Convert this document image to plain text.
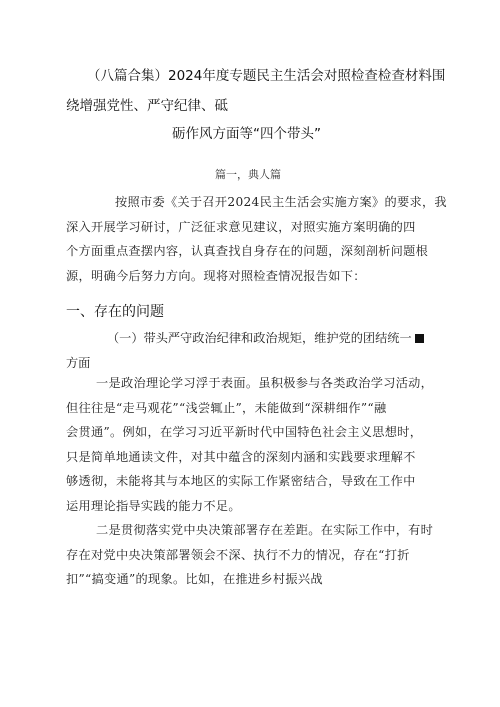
（八篇合集）2024年度专题民主生活会对照检查检查材料围
绕增强党性、严守纪律、砥
砺作风方面等“四个带头”
篇一，典人篇

按照市委《关于召开2024民主生活会实施方案》的要求，我

深入开展学习研讨，广泛征求意见建议，对照实施方案明确的四

个方面重点查摆内容，认真查找自身存在的问题，深刻剖析问题根

源，明确今后努力方向。现将对照检查情况报告如下：

一、存在的问题

（一）带头严守政治纪律和政治规矩，维护党的团结统一

方面

一是政治理论学习浮于表面。虽积极参与各类政治学习活动，

但往往是“走马观花”“浅尝辄止”，未能做到“深耕细作”“融

会贯通”。例如，在学习习近平新时代中国特色社会主义思想时，

只是简单地通读文件，对其中蕴含的深刻内涵和实践要求理解不

够透彻，未能将其与本地区的实际工作紧密结合，导致在工作中

运用理论指导实践的能力不足。

二是贯彻落实党中央决策部署存在差距。在实际工作中，有时

存在对党中央决策部署领会不深、执行不力的情况，存在“打折

扣”“搞变通”的现象。比如，在推进乡村振兴战
